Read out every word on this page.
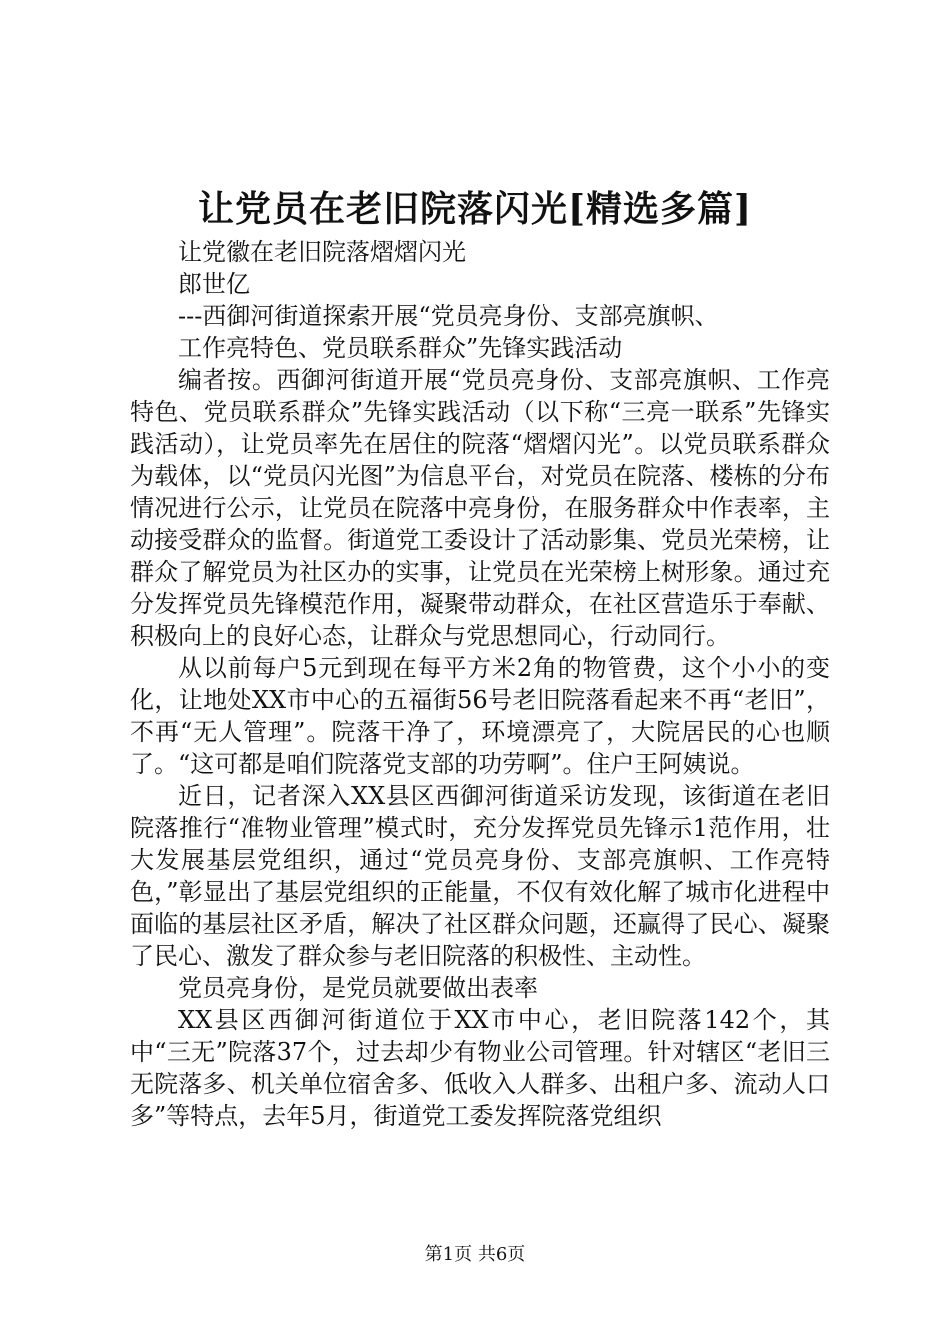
让党员在老旧院落闪光[精选多篇]

让党徽在老旧院落熠熠闪光

郎世亿

---西御河街道探索开展“党员亮身份、支部亮旗帜、

工作亮特色、党员联系群众”先锋实践活动

编者按。西御河街道开展“党员亮身份、支部亮旗帜、工作亮特色、党员联系群众”先锋实践活动（以下称“三亮一联系”先锋实践活动），让党员率先在居住的院落“熠熠闪光”。以党员联系群众为载体，以“党员闪光图”为信息平台，对党员在院落、楼栋的分布情况进行公示，让党员在院落中亮身份，在服务群众中作表率，主动接受群众的监督。街道党工委设计了活动影集、党员光荣榜，让群众了解党员为社区办的实事，让党员在光荣榜上树形象。通过充分发挥党员先锋模范作用，凝聚带动群众，在社区营造乐于奉献、积极向上的良好心态，让群众与党思想同心，行动同行。

从以前每户5元到现在每平方米2角的物管费，这个小小的变化，让地处XX市中心的五福街56号老旧院落看起来不再“老旧”，不再“无人管理”。院落干净了，环境漂亮了，大院居民的心也顺了。“这可都是咱们院落党支部的功劳啊”。住户王阿姨说。

近日，记者深入XX县区西御河街道采访发现，该街道在老旧院落推行“准物业管理”模式时，充分发挥党员先锋示1范作用，壮大发展基层党组织，通过“党员亮身份、支部亮旗帜、工作亮特色，”彰显出了基层党组织的正能量，不仅有效化解了城市化进程中面临的基层社区矛盾，解决了社区群众问题，还赢得了民心、凝聚了民心、激发了群众参与老旧院落的积极性、主动性。

党员亮身份，是党员就要做出表率

XX县区西御河街道位于XX市中心，老旧院落142个，其中“三无”院落37个，过去却少有物业公司管理。针对辖区“老旧三无院落多、机关单位宿舍多、低收入人群多、出租户多、流动人口多”等特点，去年5月，街道党工委发挥院落党组织

第1页 共6页
